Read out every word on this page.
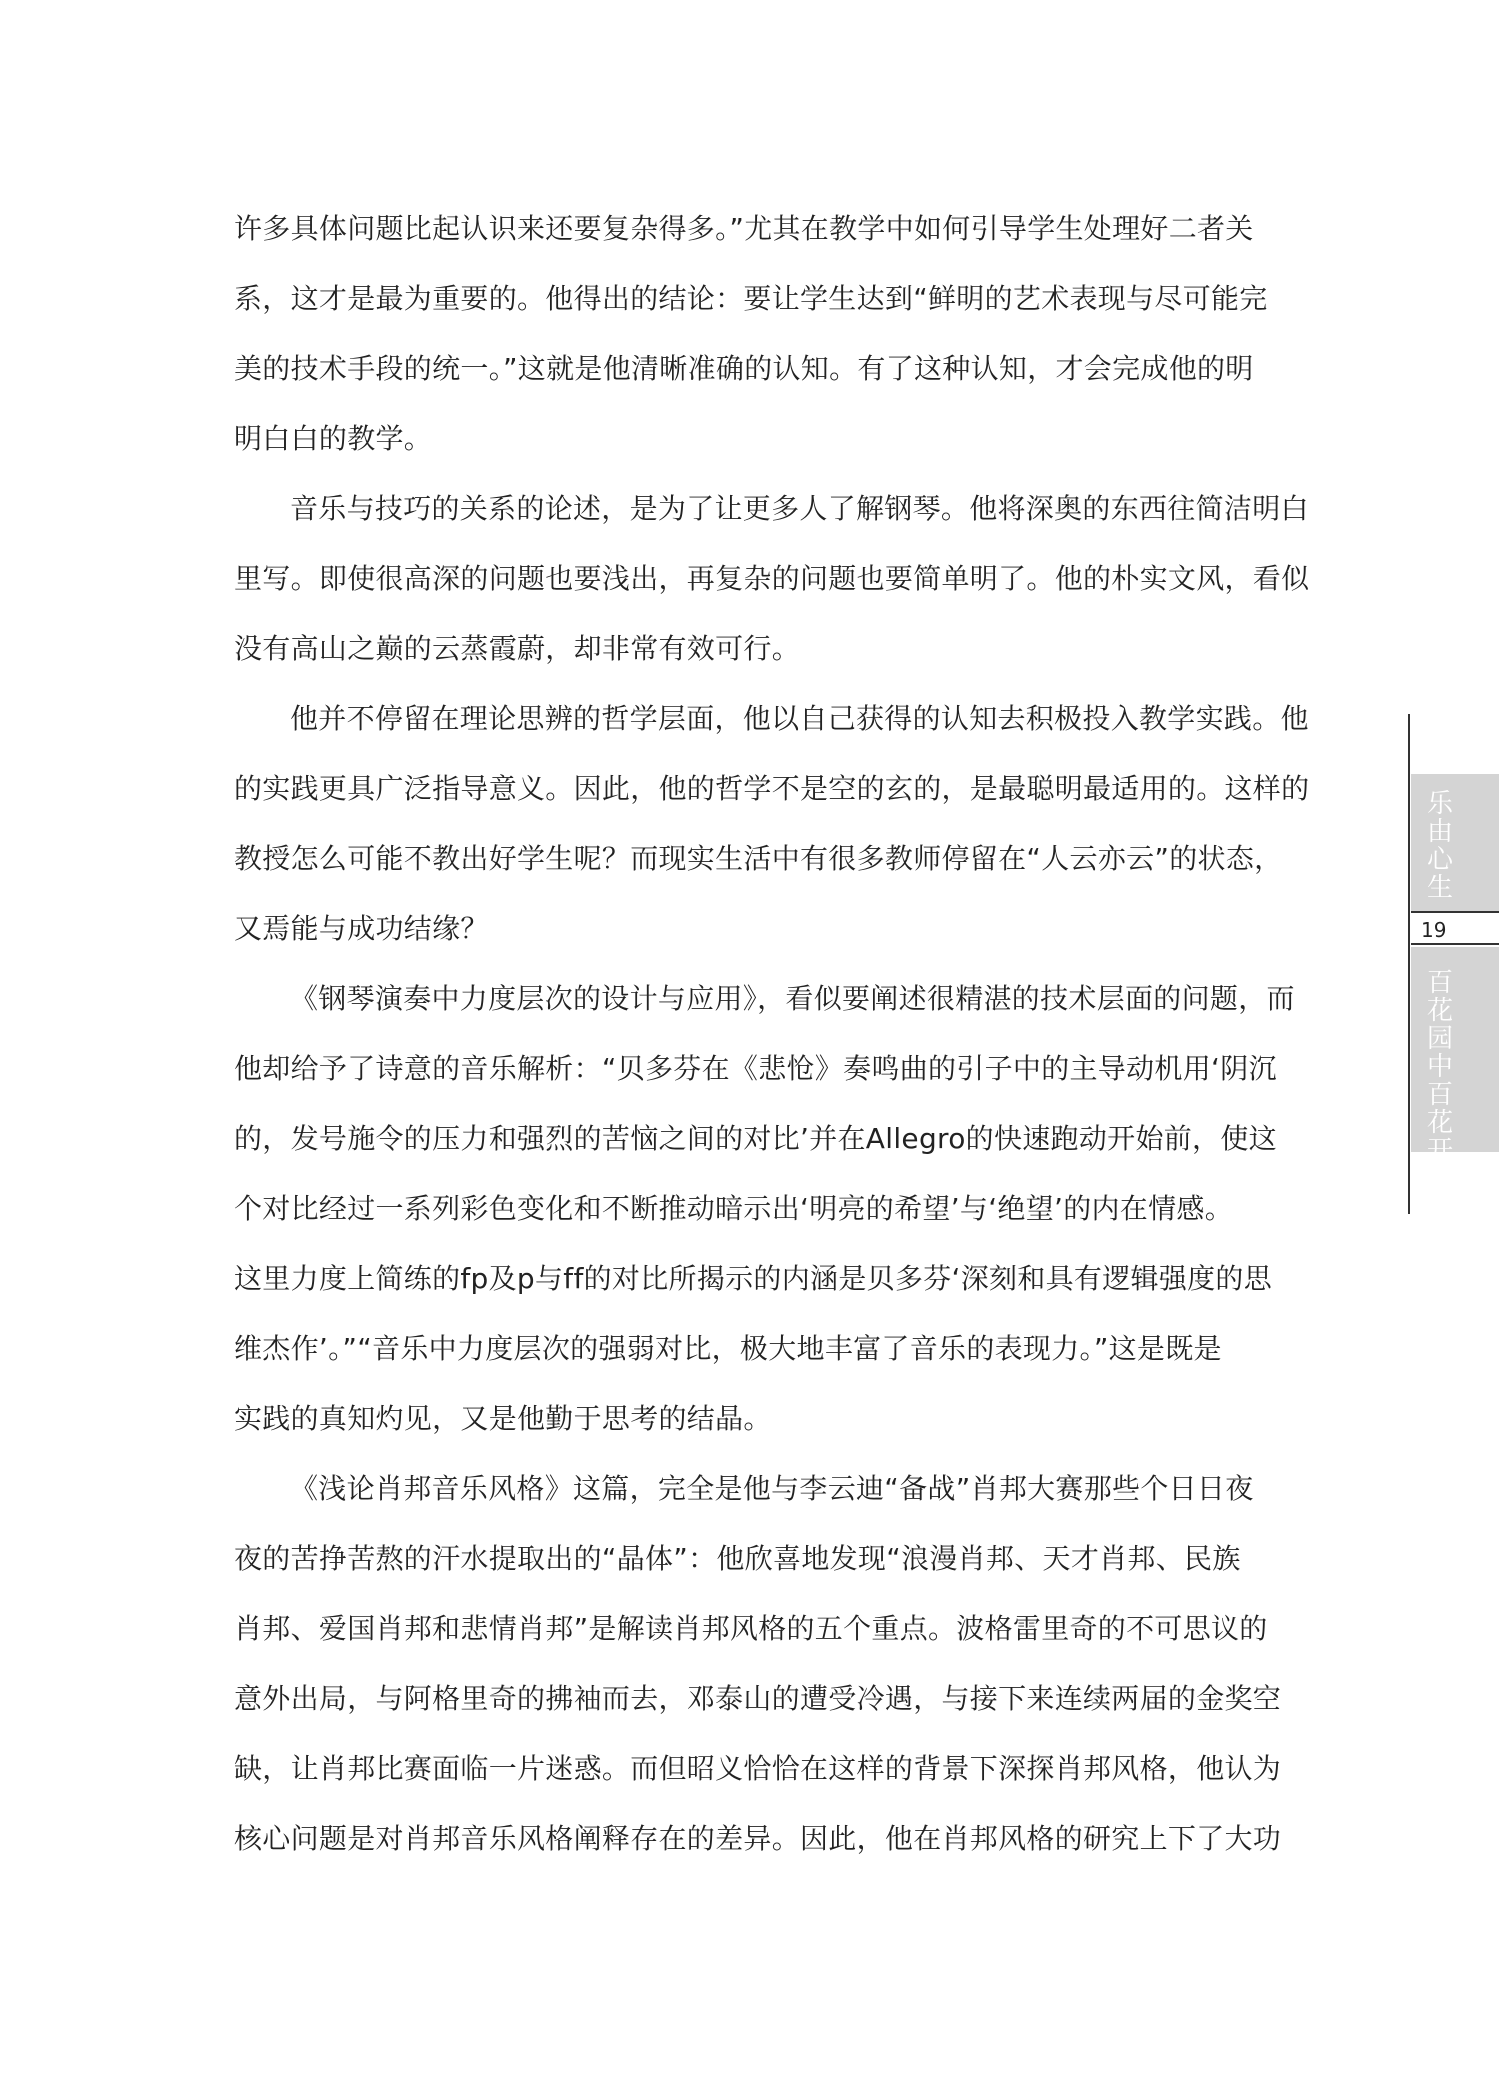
许多具体问题比起认识来还要复杂得多。”尤其在教学中如何引导学生处理好二者关
系，这才是最为重要的。他得出的结论：要让学生达到“鲜明的艺术表现与尽可能完
美的技术手段的统一。”这就是他清晰准确的认知。有了这种认知，才会完成他的明
明白白的教学。
音乐与技巧的关系的论述，是为了让更多人了解钢琴。他将深奥的东西往简洁明白
里写。即使很高深的问题也要浅出，再复杂的问题也要简单明了。他的朴实文风，看似
没有高山之巅的云蒸霞蔚，却非常有效可行。
他并不停留在理论思辨的哲学层面，他以自己获得的认知去积极投入教学实践。他
的实践更具广泛指导意义。因此，他的哲学不是空的玄的，是最聪明最适用的。这样的
教授怎么可能不教出好学生呢？而现实生活中有很多教师停留在“人云亦云”的状态，
又焉能与成功结缘？
《钢琴演奏中力度层次的设计与应用》，看似要阐述很精湛的技术层面的问题，而
他却给予了诗意的音乐解析：“贝多芬在《悲怆》奏鸣曲的引子中的主导动机用‘阴沉
的，发号施令的压力和强烈的苦恼之间的对比’并在Allegro的快速跑动开始前，使这
个对比经过一系列彩色变化和不断推动暗示出‘明亮的希望’与‘绝望’的内在情感。
这里力度上简练的fp及p与ff的对比所揭示的内涵是贝多芬‘深刻和具有逻辑强度的思
维杰作’。”“音乐中力度层次的强弱对比，极大地丰富了音乐的表现力。”这是既是
实践的真知灼见，又是他勤于思考的结晶。
《浅论肖邦音乐风格》这篇，完全是他与李云迪“备战”肖邦大赛那些个日日夜
夜的苦挣苦熬的汗水提取出的“晶体”：他欣喜地发现“浪漫肖邦、天才肖邦、民族
肖邦、爱国肖邦和悲情肖邦”是解读肖邦风格的五个重点。波格雷里奇的不可思议的
意外出局，与阿格里奇的拂袖而去，邓泰山的遭受冷遇，与接下来连续两届的金奖空
缺，让肖邦比赛面临一片迷惑。而但昭义恰恰在这样的背景下深探肖邦风格，他认为
核心问题是对肖邦音乐风格阐释存在的差异。因此，他在肖邦风格的研究上下了大功
乐由心生
19
百花园中百花开
